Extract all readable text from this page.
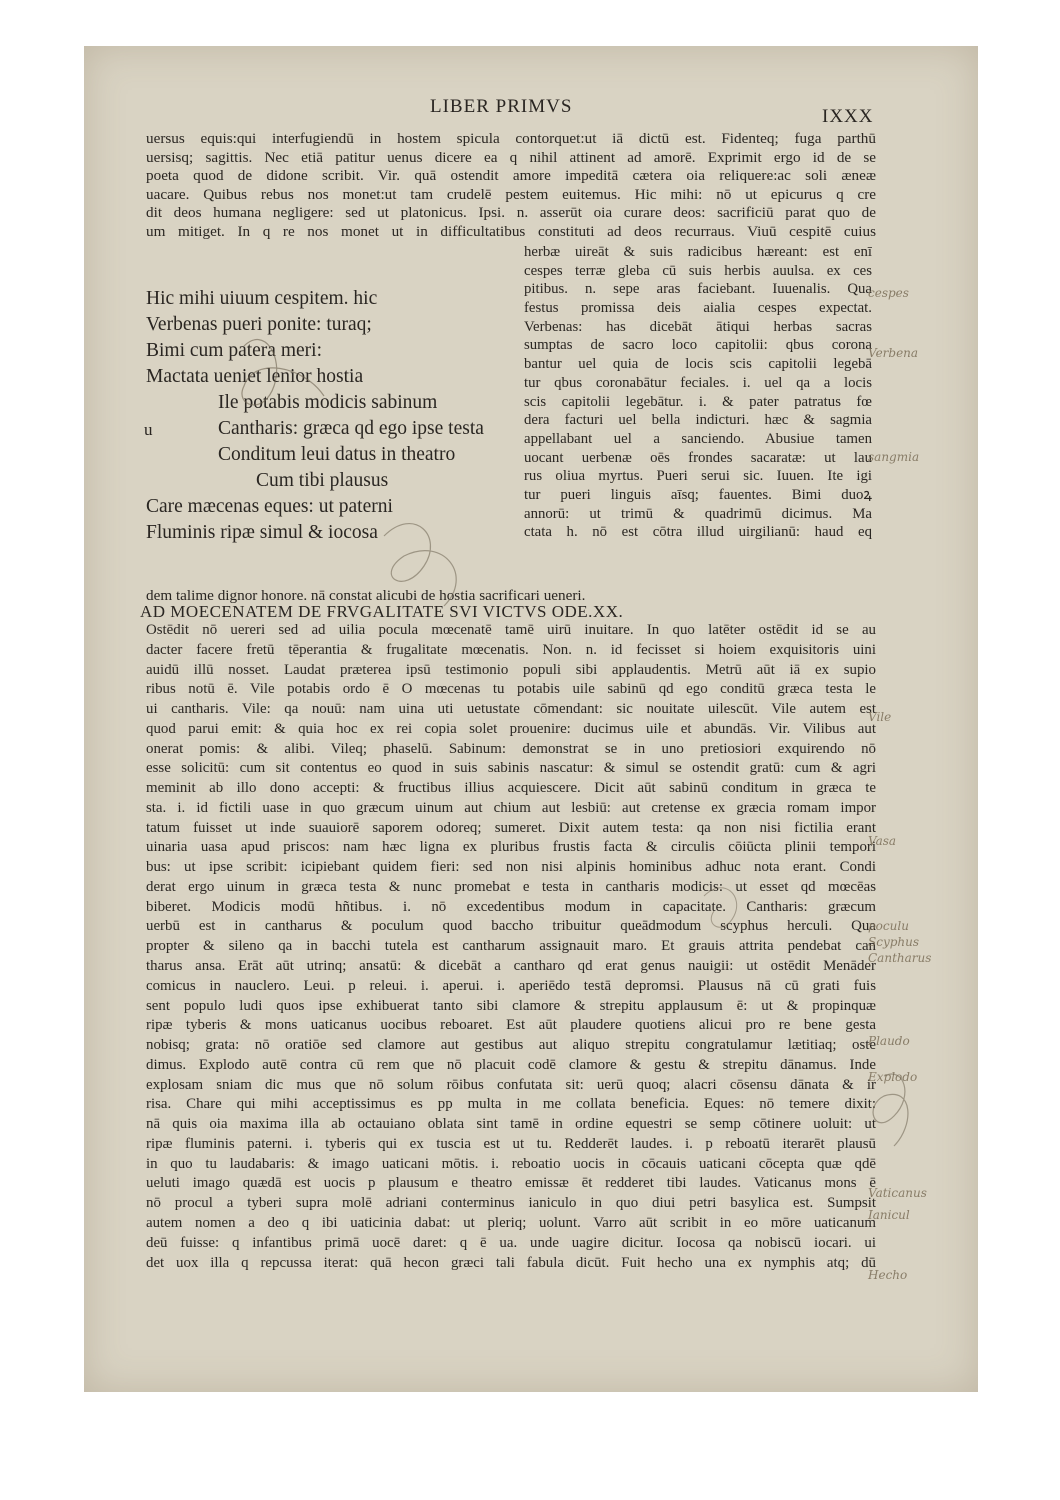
LIBER PRIMVS	IXXX
uersus equis:qui interfugiendū in hostem spicula contorquet:ut iā dictū est. Fidenteq; fuga parthū
uersisq; sagittis. Nec etiā patitur uenus dicere ea q nihil attinent ad amorē. Exprimit ergo id de se
poeta quod de didone scribit. Vir. quā ostendit amore impeditā cætera oia reliquere:ac soli æneæ
uacare. Quibus rebus nos monet:ut tam crudelē pestem euitemus. Hic mihi: nō ut epicurus q cre
dit deos humana negligere: sed ut platonicus. Ipsi. n. asserūt oia curare deos: sacrificiū parat quo de
um mitiget. In q re nos monet ut in difficultatibus constituti ad deos recurraus. Viuū cespitē cuius
Hic mihi uiuum cespitem. hic
Verbenas pueri ponite: turaq;
Bimi cum patera meri:
Mactata ueniet lenior hostia
Ile potabis modicis sabinum
Cantharis: græca qd ego ipse testa
Conditum leui datus in theatro
Cum tibi plausus
Care mæcenas eques: ut paterni
Fluminis ripæ simul & iocosa
u
herbæ uireāt & suis radicibus hæreant: est enī
cespes terræ gleba cū suis herbis auulsa. ex ces
pitibus. n. sepe aras faciebant. Iuuenalis. Qua
festus promissa deis aialia cespes expectat.
Verbenas: has dicebāt ātiqui herbas sacras
sumptas de sacro loco capitolii: qbus corona
bantur uel quia de locis scis capitolii legebā
tur qbus coronabātur feciales. i. uel qa a locis
scis capitolii legebātur. i. & pater patratus fœ
dera facturi uel bella indicturi. hæc & sagmia
appellabant uel a sanciendo. Abusiue tamen
uocant uerbenæ oēs frondes sacaratæ: ut lau
rus oliua myrtus. Pueri serui sic. Iuuen. Ite igi
tur pueri linguis aīsq; fauentes. Bimi duoꝝ
annorū: ut trimū & quadrimū dicimus. Ma
ctata h. nō est cōtra illud uirgilianū: haud eq
dem talime dignor honore. nā constat alicubi de hostia sacrificari ueneri.
AD MOECENATEM DE FRVGALITATE SVI VICTVS ODE.XX.
Ostēdit nō uereri sed ad uilia pocula mœcenatē tamē uirū inuitare. In quo latēter ostēdit id se au
dacter facere fretū tēperantia & frugalitate mœcenatis. Non. n. id fecisset si hoiem exquisitoris uini
auidū illū nosset. Laudat præterea ipsū testimonio populi sibi applaudentis. Metrū aūt iā ex supio
ribus notū ē. Vile potabis ordo ē O mœcenas tu potabis uile sabinū qd ego conditū græca testa le
ui cantharis. Vile: qa nouū: nam uina uti uetustate cōmendant: sic nouitate uilescūt. Vile autem est
quod parui emit: & quia hoc ex rei copia solet prouenire: ducimus uile et abundās. Vir. Vilibus aut
onerat pomis: & alibi. Vileq; phaselū. Sabinum: demonstrat se in uno pretiosiori exquirendo nō
esse solicitū: cum sit contentus eo quod in suis sabinis nascatur: & simul se ostendit gratū: cum & agri
meminit ab illo dono accepti: & fructibus illius acquiescere. Dicit aūt sabinū conditum in græca te
sta. i. id fictili uase in quo græcum uinum aut chium aut lesbiū: aut cretense ex græcia romam impor
tatum fuisset ut inde suauiorē saporem odoreq; sumeret. Dixit autem testa: qa non nisi fictilia erant
uinaria uasa apud priscos: nam hæc ligna ex pluribus frustis facta & circulis cōiūcta plinii tempori
bus: ut ipse scribit: icipiebant quidem fieri: sed non nisi alpinis hominibus adhuc nota erant. Condi
derat ergo uinum in græca testa & nunc promebat e testa in cantharis modicis: ut esset qd mœcēas
biberet. Modicis modū hñtibus. i. nō excedentibus modum in capacitate. Cantharis: græcum
uerbū est in cantharus & poculum quod baccho tribuitur queādmodum scyphus herculi. Qua
propter & sileno qa in bacchi tutela est cantharum assignauit maro. Et grauis attrita pendebat can
tharus ansa. Erāt aūt utrinq; ansatū: & dicebāt a cantharo qd erat genus nauigii: ut ostēdit Menāder
comicus in nauclero. Leui. p releui. i. aperui. i. aperiēdo testā depromsi. Plausus nā cū grati fuis
sent populo ludi quos ipse exhibuerat tanto sibi clamore & strepitu applausum ē: ut & propinquæ
ripæ tyberis & mons uaticanus uocibus reboaret. Est aūt plaudere quotiens alicui pro re bene gesta
nobisq; grata: nō oratiōe sed clamore aut gestibus aut aliquo strepitu congratulamur lætitiaq; oste
dimus. Explodo autē contra cū rem que nō placuit codē clamore & gestu & strepitu dānamus. Inde
explosam sniam dic mus que nō solum rōibus confutata sit: uerū quoq; alacri cōsensu dānata & ir
risa. Chare qui mihi acceptissimus es pp multa in me collata beneficia. Eques: nō temere dixit:
nā quis oia maxima illa ab octauiano oblata sint tamē in ordine equestri se semp cōtinere uoluit: ut
ripæ fluminis paterni. i. tyberis qui ex tuscia est ut tu. Redderēt laudes. i. p reboatū iterarēt plausū
in quo tu laudabaris: & imago uaticani mōtis. i. reboatio uocis in cōcauis uaticani cōcepta quæ qdē
ueluti imago quædā est uocis p plausum e theatro emissæ ēt redderet tibi laudes. Vaticanus mons ē
nō procul a tyberi supra molē adriani conterminus ianiculo in quo diui petri basylica est. Sumpsit
autem nomen a deo q ibi uaticinia dabat: ut pleriq; uolunt. Varro aūt scribit in eo mōre uaticanum
deū fuisse: q infantibus primā uocē daret: q ē ua. unde uagire dicitur. Iocosa qa nobiscū iocari. ui
det uox illa q repcussa iterat: quā hecon græci tali fabula dicūt. Fuit hecho una ex nymphis atq; dū
cespes
Verbena
sangmia
Vile
Vasa
poculu Scyphus Cantharus
Plaudo
Explodo
Vaticanus
Ianicul
Hecho
